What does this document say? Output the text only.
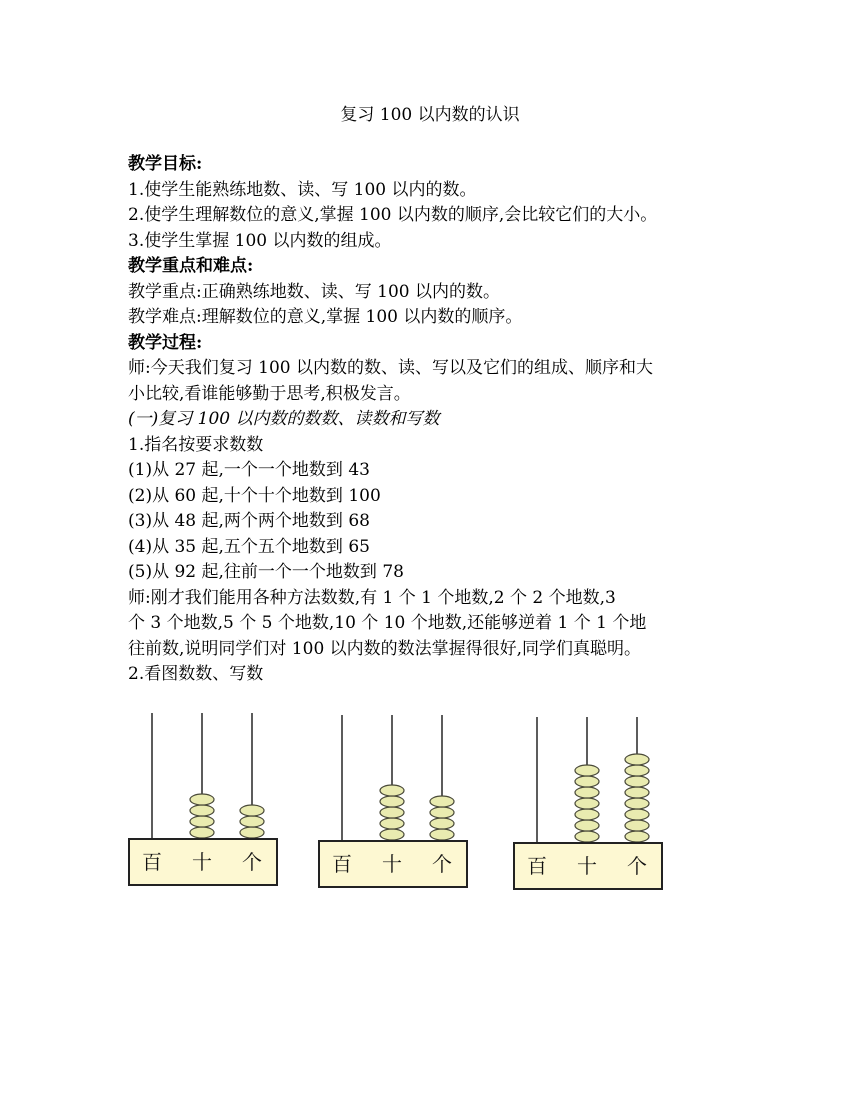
复习 100 以内数的认识
教学目标:
1.使学生能熟练地数、读、写 100 以内的数。
2.使学生理解数位的意义,掌握 100 以内数的顺序,会比较它们的大小。
3.使学生掌握 100 以内数的组成。
教学重点和难点:
教学重点:正确熟练地数、读、写 100 以内的数。
教学难点:理解数位的意义,掌握 100 以内数的顺序。
教学过程:
师:今天我们复习 100 以内数的数、读、写以及它们的组成、顺序和大
小比较,看谁能够勤于思考,积极发言。
(一)复习 100 以内数的数数、读数和写数
1.指名按要求数数
(1)从 27 起,一个一个地数到 43
(2)从 60 起,十个十个地数到 100
(3)从 48 起,两个两个地数到 68
(4)从 35 起,五个五个地数到 65
(5)从 92 起,往前一个一个地数到 78
师:刚才我们能用各种方法数数,有 1 个 1 个地数,2 个 2 个地数,3
个 3 个地数,5 个 5 个地数,10 个 10 个地数,还能够逆着 1 个 1 个地
往前数,说明同学们对 100 以内数的数法掌握得很好,同学们真聪明。
2.看图数数、写数
百 十 个	百 十 个	百 十 个
